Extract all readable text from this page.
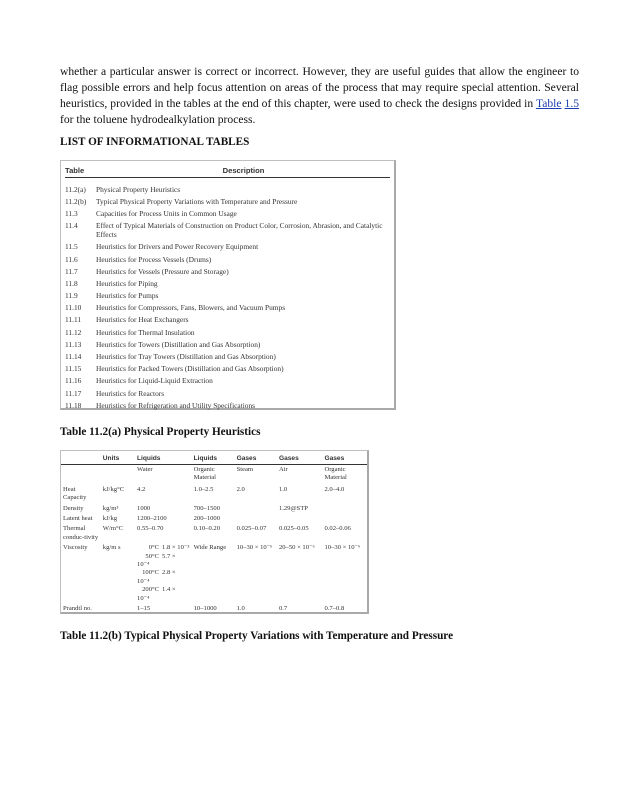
whether a particular answer is correct or incorrect. However, they are useful guides that allow the engineer to flag possible errors and help focus attention on areas of the process that may require special attention. Several heuristics, provided in the tables at the end of this chapter, were used to check the designs provided in Table 1.5 for the toluene hydrodealkylation process.

LIST OF INFORMATIONAL TABLES

Table	Description
11.2(a)	Physical Property Heuristics
11.2(b)	Typical Physical Property Variations with Temperature and Pressure
11.3	Capacities for Process Units in Common Usage
11.4	Effect of Typical Materials of Construction on Product Color, Corrosion, Abrasion, and Catalytic Effects
11.5	Heuristics for Drivers and Power Recovery Equipment
11.6	Heuristics for Process Vessels (Drums)
11.7	Heuristics for Vessels (Pressure and Storage)
11.8	Heuristics for Piping
11.9	Heuristics for Pumps
11.10	Heuristics for Compressors, Fans, Blowers, and Vacuum Pumps
11.11	Heuristics for Heat Exchangers
11.12	Heuristics for Thermal Insulation
11.13	Heuristics for Towers (Distillation and Gas Absorption)
11.14	Heuristics for Tray Towers (Distillation and Gas Absorption)
11.15	Heuristics for Packed Towers (Distillation and Gas Absorption)
11.16	Heuristics for Liquid-Liquid Extraction
11.17	Heuristics for Reactors
11.18	Heuristics for Refrigeration and Utility Specifications

Table 11.2(a) Physical Property Heuristics

	Units	Liquids	Liquids	Gases	Gases	Gases
		Water	Organic Material	Steam	Air	Organic Material
Heat Capacity	kJ/kg°C	4.2	1.0–2.5	2.0	1.0	2.0–4.0
Density	kg/m³	1000	700–1500		1.29@STP	
Latent heat	kJ/kg	1200–2100	200–1000			
Thermal conduc-tivity	W/m°C	0.55–0.70	0.10–0.20	0.025–0.07	0.025–0.05	0.02–0.06
Viscosity	kg/m s	0°C 1.8 × 10⁻³
50°C 5.7 × 10⁻⁴
100°C 2.8 × 10⁻⁴
200°C 1.4 × 10⁻⁴	Wide Range	10–30 × 10⁻⁶	20–50 × 10⁻⁶	10–30 × 10⁻⁶
Prandtl no.		1–15	10–1000	1.0	0.7	0.7–0.8

Table 11.2(b) Typical Physical Property Variations with Temperature and Pressure
